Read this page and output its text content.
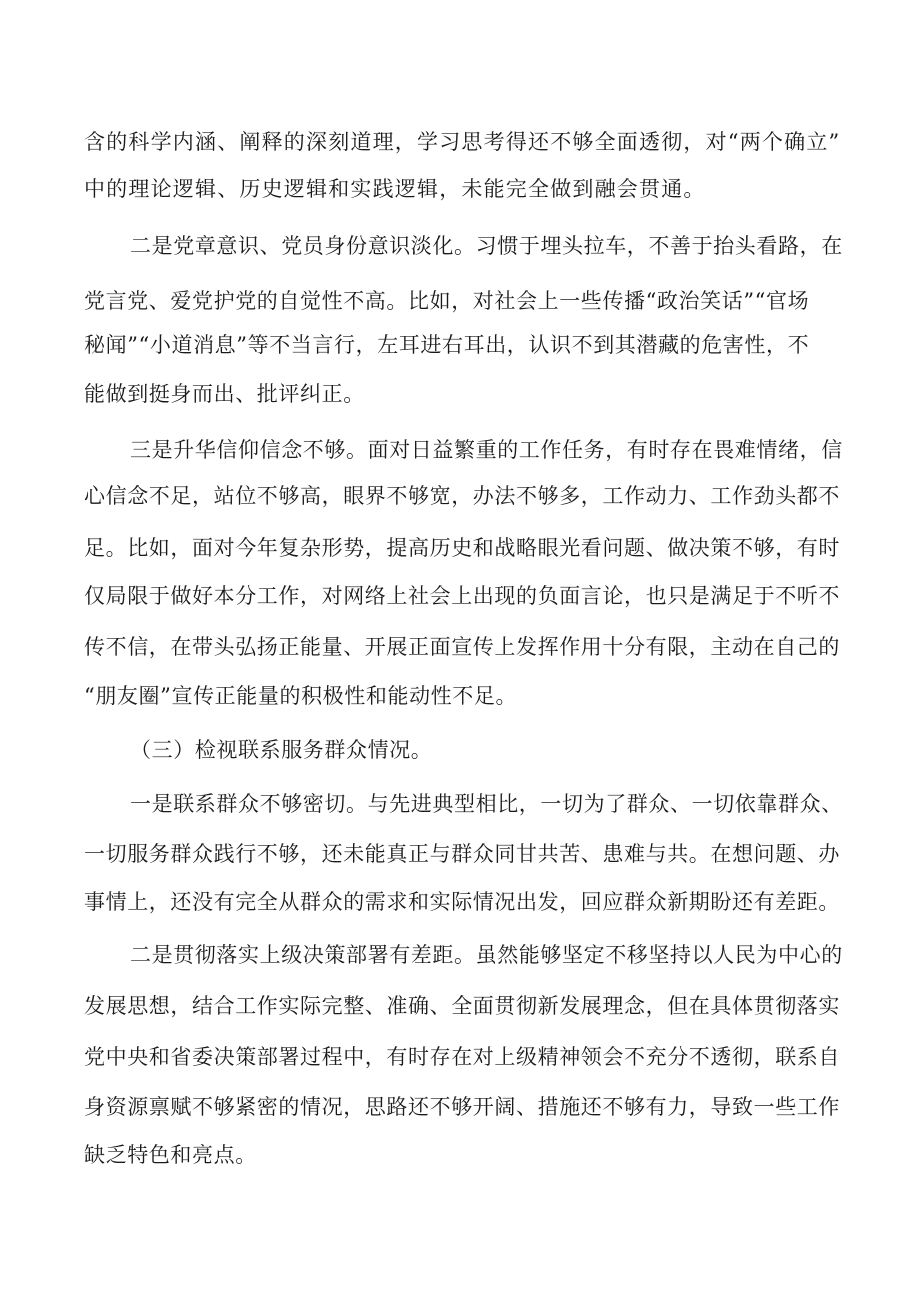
含的科学内涵、阐释的深刻道理，学习思考得还不够全面透彻，对“两个确立”
中的理论逻辑、历史逻辑和实践逻辑，未能完全做到融会贯通。
二是党章意识、党员身份意识淡化。习惯于埋头拉车，不善于抬头看路，在
党言党、爱党护党的自觉性不高。比如，对社会上一些传播“政治笑话”“官场
秘闻”“小道消息”等不当言行，左耳进右耳出，认识不到其潜藏的危害性，不
能做到挺身而出、批评纠正。
三是升华信仰信念不够。面对日益繁重的工作任务，有时存在畏难情绪，信
心信念不足，站位不够高，眼界不够宽，办法不够多，工作动力、工作劲头都不
足。比如，面对今年复杂形势，提高历史和战略眼光看问题、做决策不够，有时
仅局限于做好本分工作，对网络上社会上出现的负面言论，也只是满足于不听不
传不信，在带头弘扬正能量、开展正面宣传上发挥作用十分有限，主动在自己的
“朋友圈”宣传正能量的积极性和能动性不足。
（三）检视联系服务群众情况。
一是联系群众不够密切。与先进典型相比，一切为了群众、一切依靠群众、
一切服务群众践行不够，还未能真正与群众同甘共苦、患难与共。在想问题、办
事情上，还没有完全从群众的需求和实际情况出发，回应群众新期盼还有差距。
二是贯彻落实上级决策部署有差距。虽然能够坚定不移坚持以人民为中心的
发展思想，结合工作实际完整、准确、全面贯彻新发展理念，但在具体贯彻落实
党中央和省委决策部署过程中，有时存在对上级精神领会不充分不透彻，联系自
身资源禀赋不够紧密的情况，思路还不够开阔、措施还不够有力，导致一些工作
缺乏特色和亮点。
